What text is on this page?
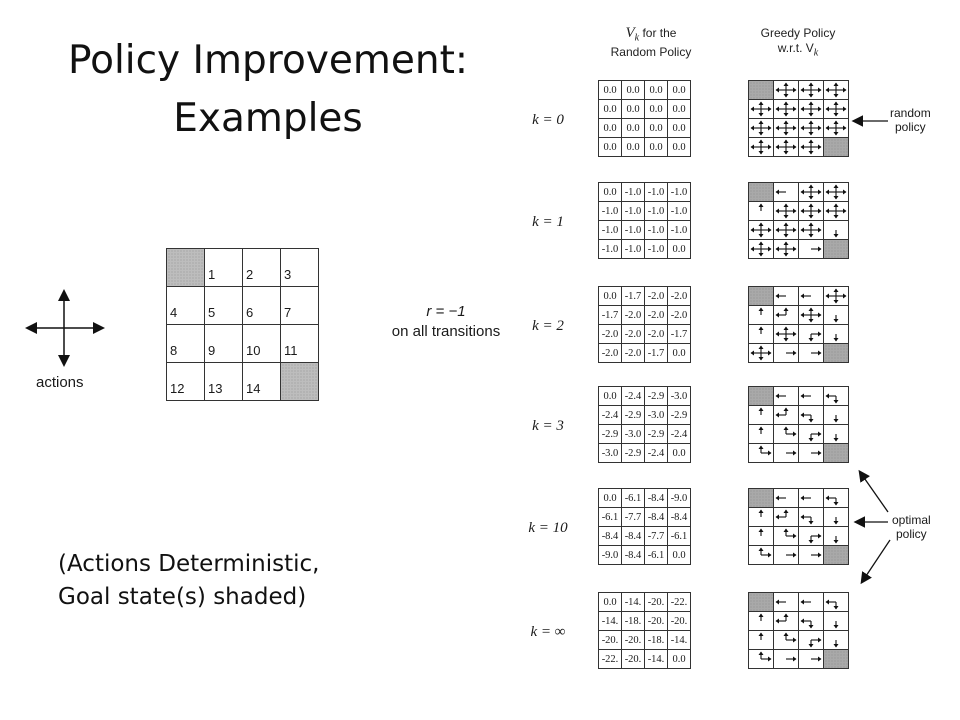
Policy Improvement:
Examples
actions
	1	2	3
4	5	6	7
8	9	10	11
12	13	14	
r = −1
on all transitions
$V_k$ for the
Random Policy
Greedy Policy
w.r.t. $V_k$
k = 0
0.0	0.0	0.0	0.0
0.0	0.0	0.0	0.0
0.0	0.0	0.0	0.0
0.0	0.0	0.0	0.0

k = 1
0.0	-1.0	-1.0	-1.0
-1.0	-1.0	-1.0	-1.0
-1.0	-1.0	-1.0	-1.0
-1.0	-1.0	-1.0	0.0

k = 2
0.0	-1.7	-2.0	-2.0
-1.7	-2.0	-2.0	-2.0
-2.0	-2.0	-2.0	-1.7
-2.0	-2.0	-1.7	0.0

k = 3
0.0	-2.4	-2.9	-3.0
-2.4	-2.9	-3.0	-2.9
-2.9	-3.0	-2.9	-2.4
-3.0	-2.9	-2.4	0.0

k = 10
0.0	-6.1	-8.4	-9.0
-6.1	-7.7	-8.4	-8.4
-8.4	-8.4	-7.7	-6.1
-9.0	-8.4	-6.1	0.0

k = ∞
0.0	-14.	-20.	-22.
-14.	-18.	-20.	-20.
-20.	-20.	-18.	-14.
-22.	-20.	-14.	0.0

random
policy
optimal
policy
(Actions Deterministic,
Goal state(s) shaded)
